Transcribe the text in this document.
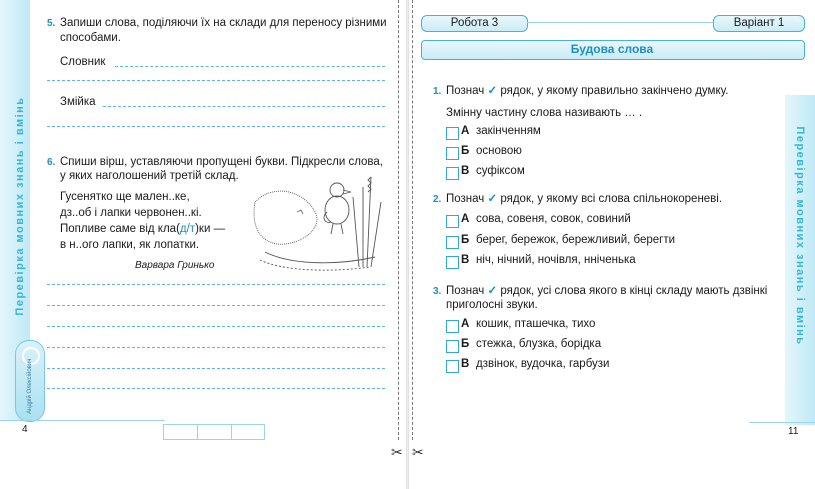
Перевірка мовних знань і вмінь
Андрій Олексійович
4
5. Запиши слова, поділяючи їх на склади для переносу різними
способами.
Словник
Змійка
6. Спиши вірш, уставляючи пропущені букви. Підкресли слова,
у яких наголошений третій склад.
Гусенятко ще мален..ке,
дз..об і лапки червонен..кі.
Попливе саме від кла(д/т)ки —
в н..ого лапки, як лопатки.
Варвара Гринько
✂ ✂
Робота 3	Варіант 1
Будова слова
Перевірка мовних знань і вмінь
11
1. Познач ✓ рядок, у якому правильно закінчено думку.
Змінну частину слова називають … .
А закінченням
Б основою
В суфіксом
2. Познач ✓ рядок, у якому всі слова спільнокореневі.
А сова, совеня, совок, совиний
Б берег, бережок, бережливий, берегти
В ніч, нічний, ночівля, нніченька
3. Познач ✓ рядок, усі слова якого в кінці складу мають дзвінкі
приголосні звуки.
А кошик, пташечка, тихо
Б стежка, блузка, борідка
В дзвінок, вудочка, гарбузи
